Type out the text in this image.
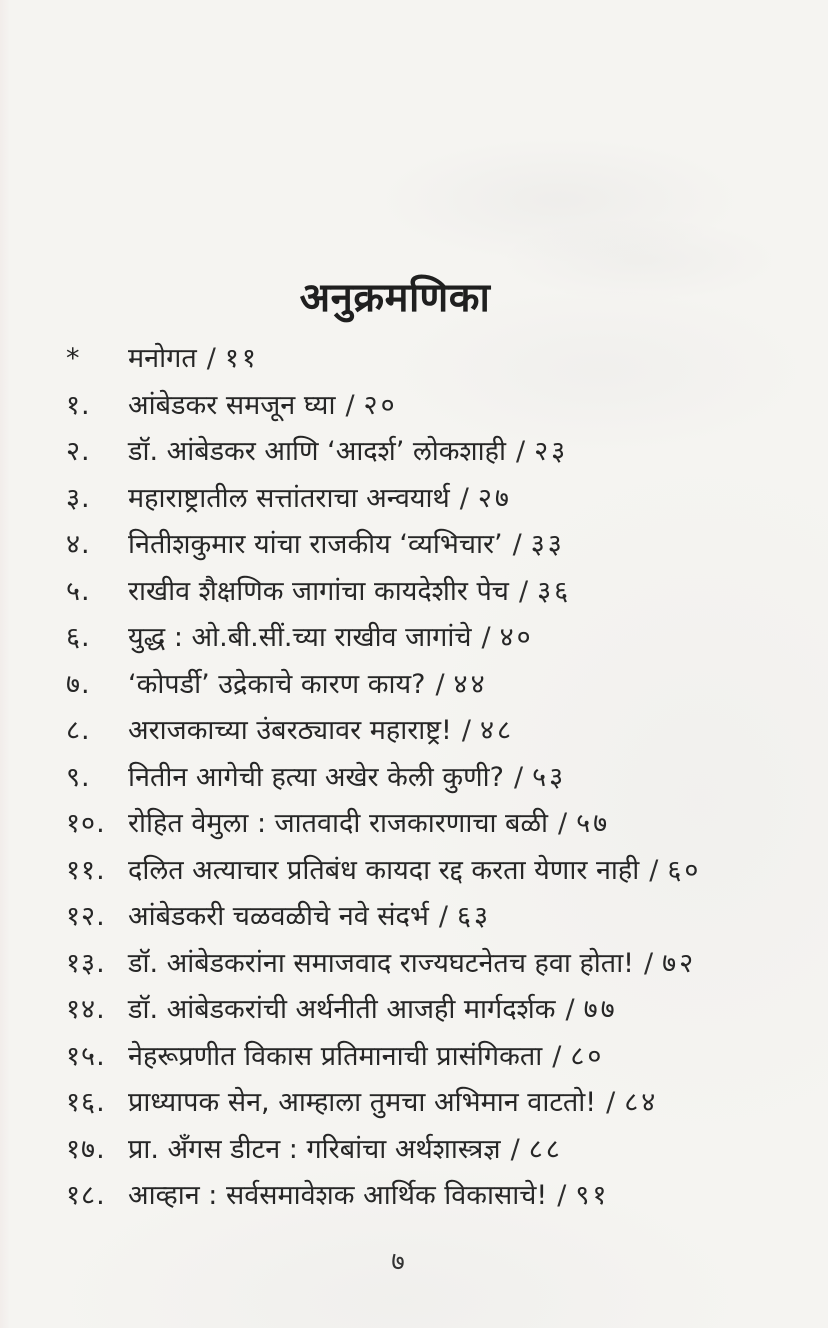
अनुक्रमणिका
*	मनोगत / ११
१.	आंबेडकर समजून घ्या / २०
२.	डॉ. आंबेडकर आणि ‘आदर्श’ लोकशाही / २३
३.	महाराष्ट्रातील सत्तांतराचा अन्वयार्थ / २७
४.	नितीशकुमार यांचा राजकीय ‘व्यभिचार’ / ३३
५.	राखीव शैक्षणिक जागांचा कायदेशीर पेच / ३६
६.	युद्ध : ओ.बी.सीं.च्या राखीव जागांचे / ४०
७.	‘कोपर्डी’ उद्रेकाचे कारण काय? / ४४
८.	अराजकाच्या उंबरठ्यावर महाराष्ट्र! / ४८
९.	नितीन आगेची हत्या अखेर केली कुणी? / ५३
१०. रोहित वेमुला : जातवादी राजकारणाचा बळी / ५७
११. दलित अत्याचार प्रतिबंध कायदा रद्द करता येणार नाही / ६०
१२. आंबेडकरी चळवळीचे नवे संदर्भ / ६३
१३. डॉ. आंबेडकरांना समाजवाद राज्यघटनेतच हवा होता! / ७२
१४. डॉ. आंबेडकरांची अर्थनीती आजही मार्गदर्शक / ७७
१५. नेहरूप्रणीत विकास प्रतिमानाची प्रासंगिकता / ८०
१६. प्राध्यापक सेन, आम्हाला तुमचा अभिमान वाटतो! / ८४
१७. प्रा. अँगस डीटन : गरिबांचा अर्थशास्त्रज्ञ / ८८
१८. आव्हान : सर्वसमावेशक आर्थिक विकासाचे! / ९१
७
